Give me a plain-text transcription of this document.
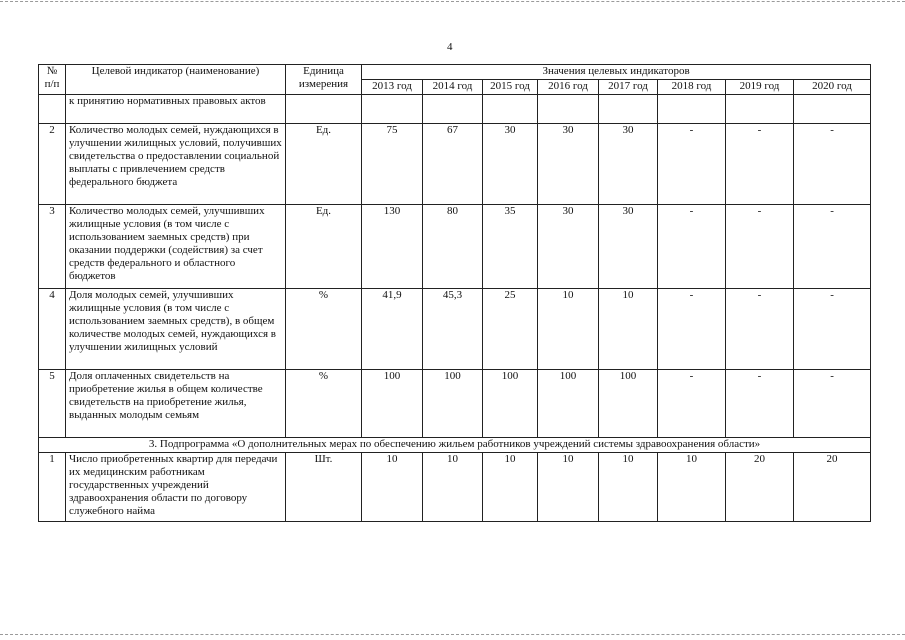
4
№ п/п	Целевой индикатор (наименование)	Единица измерения	Значения целевых индикаторов							
			2013 год	2014 год	2015 год	2016 год	2017 год	2018 год	2019 год	2020 год
	к принятию нормативных правовых актов									
2	Количество молодых семей, нуждающихся в улучшении жилищных условий, получивших свидетельства о предоставлении социальной выплаты с привлечением средств федерального бюджета	Ед.	75	67	30	30	30	-	-	-
3	Количество молодых семей, улучшивших жилищные условия (в том числе с использованием заемных средств) при оказании поддержки (содействия) за счет средств федерального и областного бюджетов	Ед.	130	80	35	30	30	-	-	-
4	Доля молодых семей, улучшивших жилищные условия (в том числе с использованием заемных средств), в общем количестве молодых семей, нуждающихся в улучшении жилищных условий	%	41,9	45,3	25	10	10	-	-	-
5	Доля оплаченных свидетельств на приобретение жилья в общем количестве свидетельств на приобретение жилья, выданных молодым семьям	%	100	100	100	100	100	-	-	-
3. Подпрограмма «О дополнительных мерах по обеспечению жильем работников учреждений системы здравоохранения области»										
1	Число приобретенных квартир для передачи их медицинским работникам государственных учреждений здравоохранения области по договору служебного найма	Шт.	10	10	10	10	10	10	20	20
